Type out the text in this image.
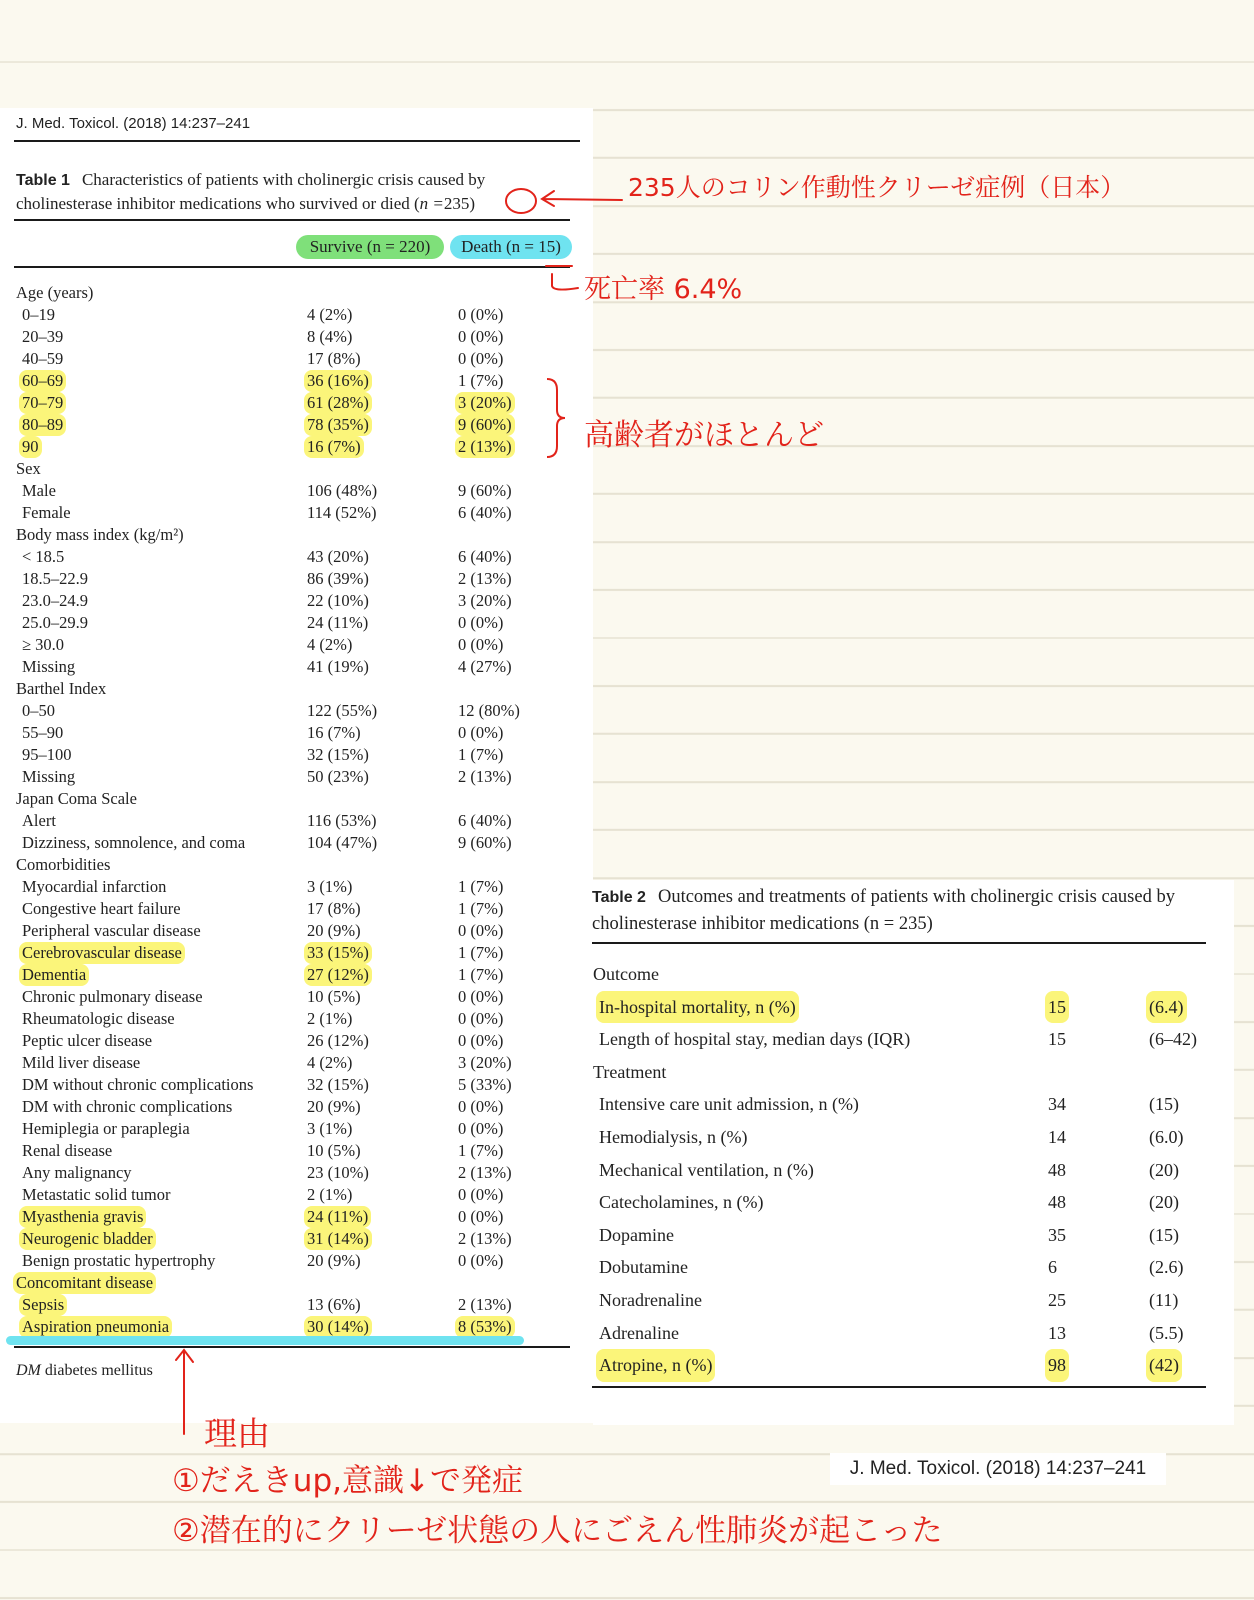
J. Med. Toxicol. (2018) 14:237–241
Table 1 Characteristics of patients with cholinergic crisis caused by cholinesterase inhibitor medications who survived or died (n =235)
Survive (n = 220)	Death (n = 15)
Age (years)
0–19	4 (2%)	0 (0%)
20–39	8 (4%)	0 (0%)
40–59	17 (8%)	0 (0%)
60–69	36 (16%)	1 (7%)
70–79	61 (28%)	3 (20%)
80–89	78 (35%)	9 (60%)
90	16 (7%)	2 (13%)
Sex
Male	106 (48%)	9 (60%)
Female	114 (52%)	6 (40%)
Body mass index (kg/m²)
< 18.5	43 (20%)	6 (40%)
18.5–22.9	86 (39%)	2 (13%)
23.0–24.9	22 (10%)	3 (20%)
25.0–29.9	24 (11%)	0 (0%)
≥ 30.0	4 (2%)	0 (0%)
Missing	41 (19%)	4 (27%)
Barthel Index
0–50	122 (55%)	12 (80%)
55–90	16 (7%)	0 (0%)
95–100	32 (15%)	1 (7%)
Missing	50 (23%)	2 (13%)
Japan Coma Scale
Alert	116 (53%)	6 (40%)
Dizziness, somnolence, and coma	104 (47%)	9 (60%)
Comorbidities
Myocardial infarction	3 (1%)	1 (7%)
Congestive heart failure	17 (8%)	1 (7%)
Peripheral vascular disease	20 (9%)	0 (0%)
Cerebrovascular disease	33 (15%)	1 (7%)
Dementia	27 (12%)	1 (7%)
Chronic pulmonary disease	10 (5%)	0 (0%)
Rheumatologic disease	2 (1%)	0 (0%)
Peptic ulcer disease	26 (12%)	0 (0%)
Mild liver disease	4 (2%)	3 (20%)
DM without chronic complications	32 (15%)	5 (33%)
DM with chronic complications	20 (9%)	0 (0%)
Hemiplegia or paraplegia	3 (1%)	0 (0%)
Renal disease	10 (5%)	1 (7%)
Any malignancy	23 (10%)	2 (13%)
Metastatic solid tumor	2 (1%)	0 (0%)
Myasthenia gravis	24 (11%)	0 (0%)
Neurogenic bladder	31 (14%)	2 (13%)
Benign prostatic hypertrophy	20 (9%)	0 (0%)
Concomitant disease
Sepsis	13 (6%)	2 (13%)
Aspiration pneumonia	30 (14%)	8 (53%)
DM diabetes mellitus
Table 2 Outcomes and treatments of patients with cholinergic crisis caused by cholinesterase inhibitor medications (n = 235)
Outcome
In-hospital mortality, n (%)	15	(6.4)
Length of hospital stay, median days (IQR)	15	(6–42)
Treatment
Intensive care unit admission, n (%)	34	(15)
Hemodialysis, n (%)	14	(6.0)
Mechanical ventilation, n (%)	48	(20)
Catecholamines, n (%)	48	(20)
Dopamine	35	(15)
Dobutamine	6	(2.6)
Noradrenaline	25	(11)
Adrenaline	13	(5.5)
Atropine, n (%)	98	(42)
235人のコリン作動性クリーゼ症例（日本）
死亡率 6.4%
高齢者がほとんど
理由
①だえきup,意識↓で発症
②潜在的にクリーゼ状態の人にごえん性肺炎が起こった
J. Med. Toxicol. (2018) 14:237–241
